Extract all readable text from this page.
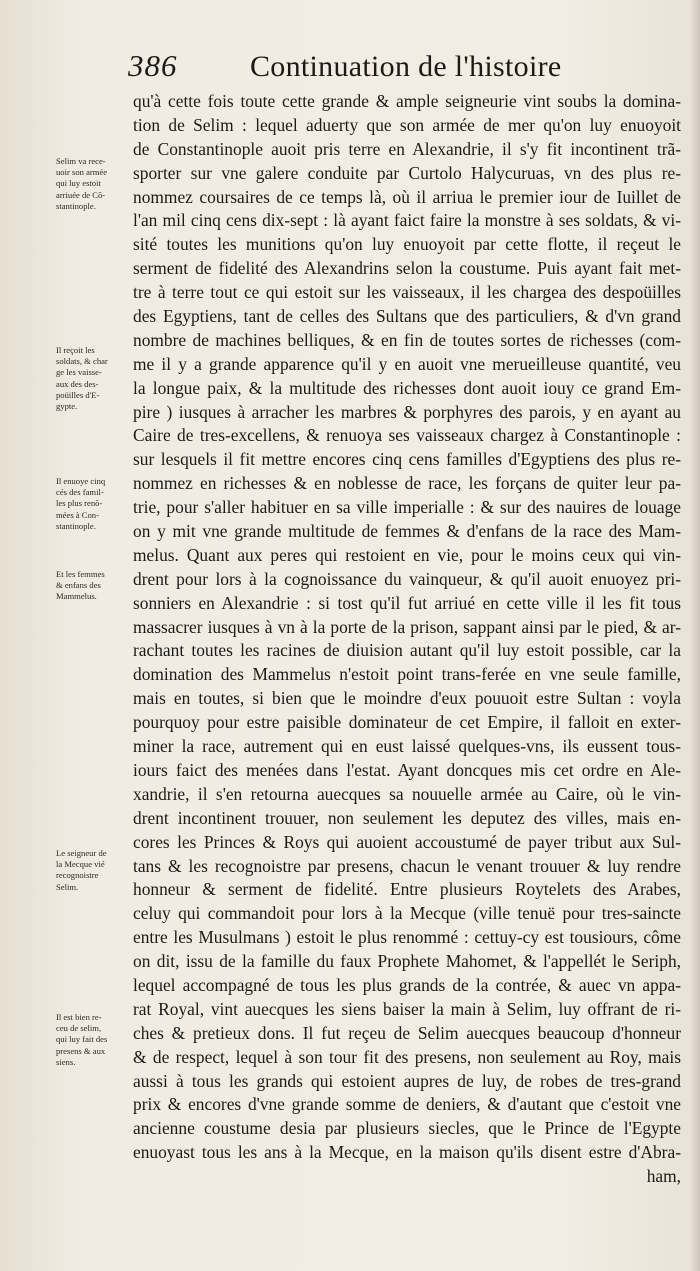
386 Continuation de l'histoire
qu'à cette fois toute cette grande & ample seigneurie vint soubs la domina-
tion de Selim : lequel aduerty que son armée de mer qu'on luy enuoyoit
de Constantinople auoit pris terre en Alexandrie, il s'y fit incontinent trã-
sporter sur vne galere conduite par Curtolo Halycuruas, vn des plus re-
nommez coursaires de ce temps là, où il arriua le premier iour de Iuillet de
l'an mil cinq cens dix-sept : là ayant faict faire la monstre à ses soldats, & vi-
sité toutes les munitions qu'on luy enuoyoit par cette flotte, il reçeut le
serment de fidelité des Alexandrins selon la coustume. Puis ayant fait met-
tre à terre tout ce qui estoit sur les vaisseaux, il les chargea des despoüilles
des Egyptiens, tant de celles des Sultans que des particuliers, & d'vn grand
nombre de machines belliques, & en fin de toutes sortes de richesses (com-
me il y a grande apparence qu'il y en auoit vne merueilleuse quantité, veu
la longue paix, & la multitude des richesses dont auoit iouy ce grand Em-
pire ) iusques à arracher les marbres & porphyres des parois, y en ayant au
Caire de tres-excellens, & renuoya ses vaisseaux chargez à Constantinople :
sur lesquels il fit mettre encores cinq cens familles d'Egyptiens des plus re-
nommez en richesses & en noblesse de race, les forçans de quiter leur pa-
trie, pour s'aller habituer en sa ville imperialle : & sur des nauires de louage
on y mit vne grande multitude de femmes & d'enfans de la race des Mam-
melus. Quant aux peres qui restoient en vie, pour le moins ceux qui vin-
drent pour lors à la cognoissance du vainqueur, & qu'il auoit enuoyez pri-
sonniers en Alexandrie : si tost qu'il fut arriué en cette ville il les fit tous
massacrer iusques à vn à la porte de la prison, sappant ainsi par le pied, & ar-
rachant toutes les racines de diuision autant qu'il luy estoit possible, car la
domination des Mammelus n'estoit point trans-ferée en vne seule famille,
mais en toutes, si bien que le moindre d'eux pouuoit estre Sultan : voyla
pourquoy pour estre paisible dominateur de cet Empire, il falloit en exter-
miner la race, autrement qui en eust laissé quelques-vns, ils eussent tous-
iours faict des menées dans l'estat. Ayant doncques mis cet ordre en Ale-
xandrie, il s'en retourna auecques sa nouuelle armée au Caire, où le vin-
drent incontinent trouuer, non seulement les deputez des villes, mais en-
cores les Princes & Roys qui auoient accoustumé de payer tribut aux Sul-
tans & les recognoistre par presens, chacun le venant trouuer & luy rendre
honneur & serment de fidelité. Entre plusieurs Roytelets des Arabes,
celuy qui commandoit pour lors à la Mecque (ville tenuë pour tres-saincte
entre les Musulmans ) estoit le plus renommé : cettuy-cy est tousiours, côme
on dit, issu de la famille du faux Prophete Mahomet, & l'appellét le Seriph,
lequel accompagné de tous les plus grands de la contrée, & auec vn appa-
rat Royal, vint auecques les siens baiser la main à Selim, luy offrant de ri-
ches & pretieux dons. Il fut reçeu de Selim auecques beaucoup d'honneur
& de respect, lequel à son tour fit des presens, non seulement au Roy, mais
aussi à tous les grands qui estoient aupres de luy, de robes de tres-grand
prix & encores d'vne grande somme de deniers, & d'autant que c'estoit vne
ancienne coustume desia par plusieurs siecles, que le Prince de l'Egypte
enuoyast tous les ans à la Mecque, en la maison qu'ils disent estre d'Abra-
ham,
Selim va rece-
uoir son armée
qui luy estoit
arriuée de Cõ-
stantinople.
Il reçoit les
soldats, & char
ge les vaisse-
aux des des-
poüilles d'E-
gypte.
Il enuoye cinq
cés des famil-
les plus renõ-
mées à Con-
stantinople.
Et les femmes
& enfans des
Mammelus.
Le seigneur de
la Mecque vié
recognoistre
Selim.
Il est bien re-
ceu de selim,
qui luy fait des
presens & aux
siens.
